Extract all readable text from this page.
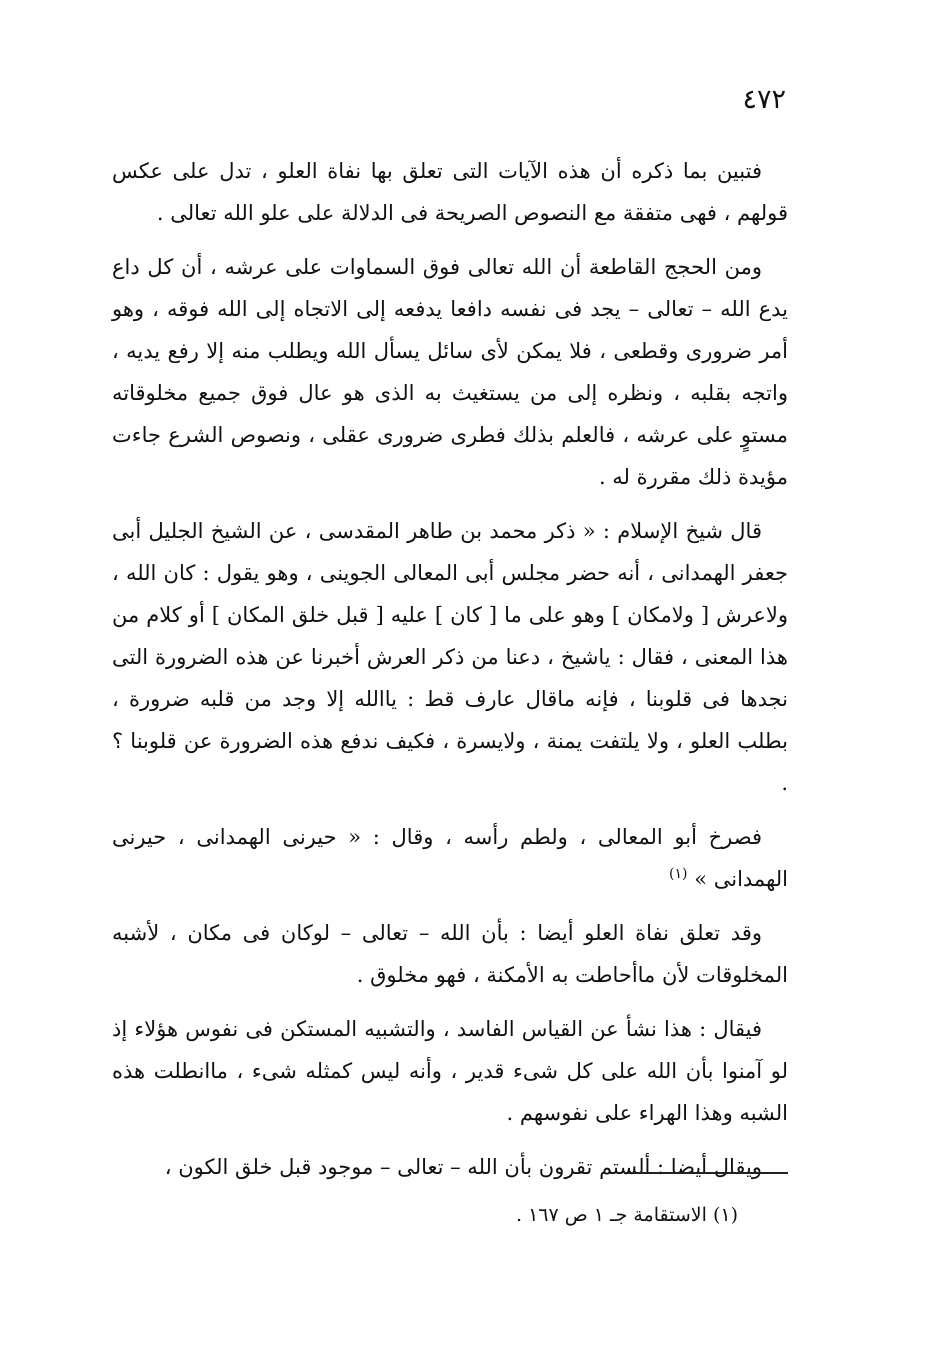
٤٧٢

فتبين بما ذكره أن هذه الآيات التى تعلق بها نفاة العلو ، تدل على عكس قولهم ، فهى متفقة مع النصوص الصريحة فى الدلالة على علو الله تعالى .

ومن الحجج القاطعة أن الله تعالى فوق السماوات على عرشه ، أن كل داع يدع الله – تعالى – يجد فى نفسه دافعا يدفعه إلى الاتجاه إلى الله فوقه ، وهو أمر ضرورى وقطعى ، فلا يمكن لأى سائل يسأل الله ويطلب منه إلا رفع يديه ، واتجه بقلبه ، ونظره إلى من يستغيث به الذى هو عال فوق جميع مخلوقاته مستوٍ على عرشه ، فالعلم بذلك فطرى ضرورى عقلى ، ونصوص الشرع جاءت مؤيدة ذلك مقررة له .

قال شيخ الإسلام : « ذكر محمد بن طاهر المقدسى ، عن الشيخ الجليل أبى جعفر الهمدانى ، أنه حضر مجلس أبى المعالى الجوينى ، وهو يقول : كان الله ، ولاعرش [ ولامكان ] وهو على ما [ كان ] عليه [ قبل خلق المكان ] أو كلام من هذا المعنى ، فقال : ياشيخ ، دعنا من ذكر العرش أخبرنا عن هذه الضرورة التى نجدها فى قلوبنا ، فإنه ماقال عارف قط : ياالله إلا وجد من قلبه ضرورة ، بطلب العلو ، ولا يلتفت يمنة ، ولايسرة ، فكيف ندفع هذه الضرورة عن قلوبنا ؟ .

فصرخ أبو المعالى ، ولطم رأسه ، وقال : « حيرنى الهمدانى ، حيرنى الهمدانى » $^{(١)}$

وقد تعلق نفاة العلو أيضا : بأن الله – تعالى – لوكان فى مكان ، لأشبه المخلوقات لأن ماأحاطت به الأمكنة ، فهو مخلوق .

فيقال : هذا نشأ عن القياس الفاسد ، والتشبيه المستكن فى نفوس هؤلاء إذ لو آمنوا بأن الله على كل شىء قدير ، وأنه ليس كمثله شىء ، ماانطلت هذه الشبه وهذا الهراء على نفوسهم .

ويقال أيضا : ألستم تقرون بأن الله – تعالى – موجود قبل خلق الكون ،

(١) الاستقامة جـ ١ ص ١٦٧ .
